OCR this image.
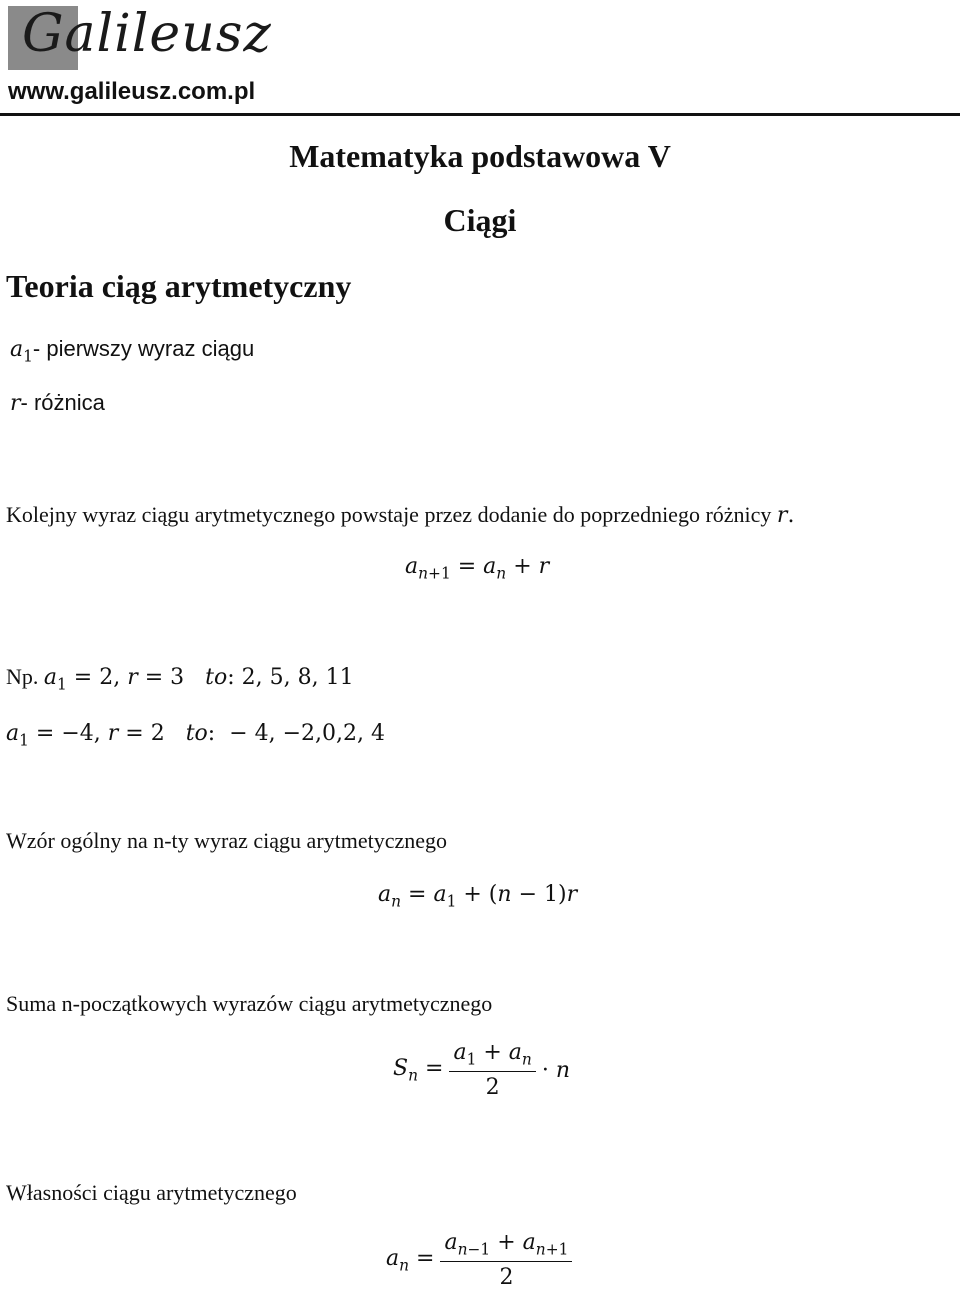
Galileusz
www.galileusz.com.pl
Matematyka podstawowa V
Ciągi
Teoria ciąg arytmetyczny
$a_1-$ pierwszy wyraz ciągu
r- różnica
Kolejny wyraz ciągu arytmetycznego powstaje przez dodanie do poprzedniego różnicy r.
$a_{n+1} = a_n + r$
Np. $a_1 = 2$, r = 3   to: 2, 5, 8, 11
$a_1 = -4$, r = 2   to:  − 4, −2,0,2, 4
Wzór ogólny na n-ty wyraz ciągu arytmetycznego
$a_n = a_1 + (n - 1)r$
Suma n-początkowych wyrazów ciągu arytmetycznego
$S_n = \frac{a_1 + a_n}{2} \cdot n$
Własności ciągu arytmetycznego
$a_n = \frac{a_{n-1} + a_{n+1}}{2}$
